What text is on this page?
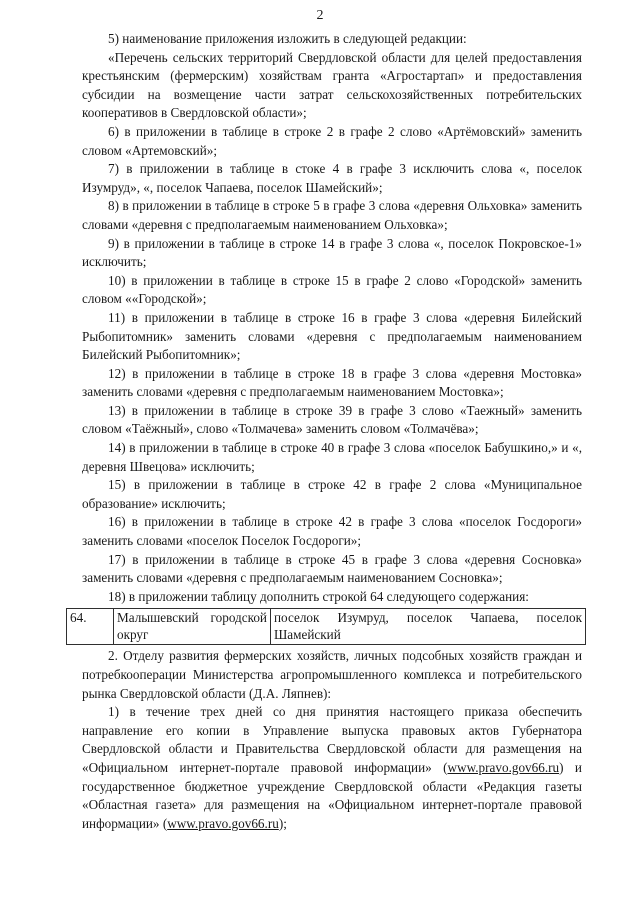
2

5) наименование приложения изложить в следующей редакции:

«Перечень сельских территорий Свердловской области для целей предоставления крестьянским (фермерским) хозяйствам гранта «Агростартап» и предоставления субсидии на возмещение части затрат сельскохозяйственных потребительских кооперативов в Свердловской области»;

6) в приложении в таблице в строке 2 в графе 2 слово «Артёмовский» заменить словом «Артемовский»;

7) в приложении в таблице в стоке 4 в графе 3 исключить слова «, поселок Изумруд», «, поселок Чапаева, поселок Шамейский»;

8) в приложении в таблице в строке 5 в графе 3 слова «деревня Ольховка» заменить словами «деревня с предполагаемым наименованием Ольховка»;

9) в приложении в таблице в строке 14 в графе 3 слова «, поселок Покровское-1» исключить;

10) в приложении в таблице в строке 15 в графе 2 слово «Городской» заменить словом ««Городской»;

11) в приложении в таблице в строке 16 в графе 3 слова «деревня Билейский Рыбопитомник» заменить словами «деревня с предполагаемым наименованием Билейский Рыбопитомник»;

12) в приложении в таблице в строке 18 в графе 3 слова «деревня Мостовка» заменить словами «деревня с предполагаемым наименованием Мостовка»;

13) в приложении в таблице в строке 39 в графе 3 слово «Таежный» заменить словом «Таёжный», слово «Толмачева» заменить словом «Толмачёва»;

14) в приложении в таблице в строке 40 в графе 3 слова «поселок Бабушкино,» и «, деревня Швецова» исключить;

15) в приложении в таблице в строке 42 в графе 2 слова «Муниципальное образование» исключить;

16) в приложении в таблице в строке 42 в графе 3 слова «поселок Госдороги» заменить словами «поселок Поселок Госдороги»;

17) в приложении в таблице в строке 45 в графе 3 слова «деревня Сосновка» заменить словами «деревня с предполагаемым наименованием Сосновка»;

18) в приложении таблицу дополнить строкой 64 следующего содержания:

64.	Малышевский городской округ	поселок Изумруд, поселок Чапаева, поселок Шамейский

2. Отделу развития фермерских хозяйств, личных подсобных хозяйств граждан и потребкооперации Министерства агропромышленного комплекса и потребительского рынка Свердловской области (Д.А. Ляпнев):

1) в течение трех дней со дня принятия настоящего приказа обеспечить направление его копии в Управление выпуска правовых актов Губернатора Свердловской области и Правительства Свердловской области для размещения на «Официальном интернет-портале правовой информации» (www.pravo.gov66.ru) и государственное бюджетное учреждение Свердловской области «Редакция газеты «Областная газета» для размещения на «Официальном интернет-портале правовой информации» (www.pravo.gov66.ru);
